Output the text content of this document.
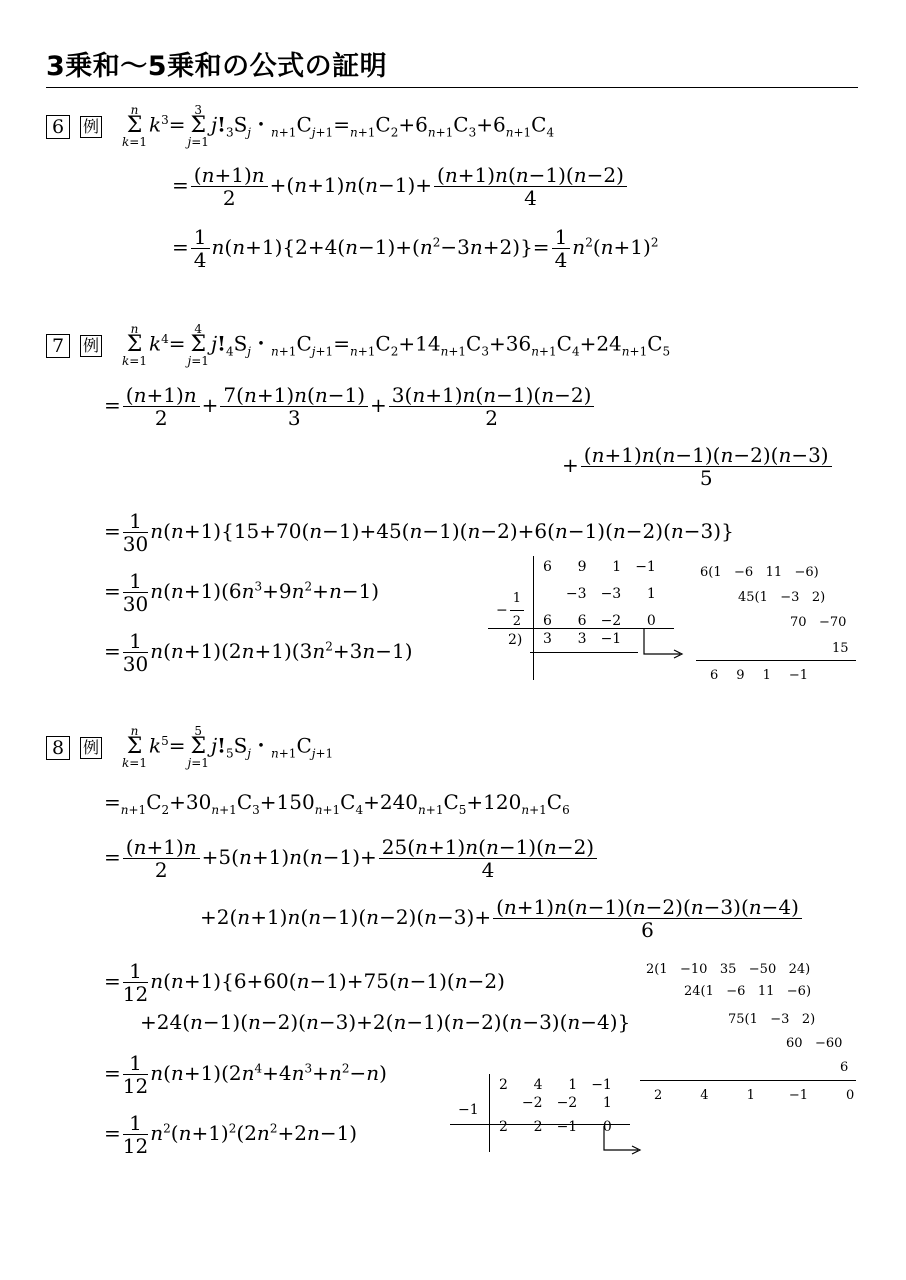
3乗和〜5乗和の公式の証明
6	例
n
Σ
$k=1k^3=3$
Σ
$j=1j!_3S_j$・$_{n+1}C_{j+1}=_{n+1}C_2+6_{n+1}C_3+6_{n+1}C_4$
= $\frac{(n+1)n}{2} +(n+1)n(n-1)+ \frac{(n+1)n(n-1)(n-2)}{4}$
= $\frac{1}{4} n(n+1)\{2+4(n-1)+(n^2-3n+2)\}= \frac{1}{4} n^2(n+1)^2$
7	例
n
Σ
$k=1k^4=4$
Σ
$j=1j!_4S_j$・$_{n+1}C_{j+1}=_{n+1}C_2+14_{n+1}C_3+36_{n+1}C_4+24_{n+1}C_5$
= $\frac{(n+1)n}{2} + \frac{7(n+1)n(n-1)}{3} + \frac{3(n+1)n(n-1)(n-2)}{2}$
+ $\frac{(n+1)n(n-1)(n-2)(n-3)}{5}$
= $\frac{1}{30} n(n+1)\{15+70(n-1)+45(n-1)(n-2)+6(n-1)(n-2)(n-3)\}$
= $\frac{1}{30} n(n+1)(6n^3+9n^2+n-1)$
= $\frac{1}{30} n(n+1)(2n+1)(3n^2+3n-1)$
6	9	1	−1
	−3	−3	1
6	6	−2	0
3	3	−1	
− $\frac{1}{2}$
2)
6(1   −6   11   −6)
45(1   −3   2)
70   −70
15
6	9	1	−1
8	例
n
Σ
$k=1k^5=5$
Σ
$j=1j!_5S_j$・$_{n+1}C_{j+1}$
$=_{n+1}C_2+30_{n+1}C_3+150_{n+1}C_4+240_{n+1}C_5+120_{n+1}C_6$
= $\frac{(n+1)n}{2} +5(n+1)n(n-1)+ \frac{25(n+1)n(n-1)(n-2)}{4}$
$+2(n+1)n(n-1)(n-2)(n-3)+ \frac{(n+1)n(n-1)(n-2)(n-3)(n-4)}{6}$
= $\frac{1}{12} n(n+1)\{6+60(n-1)+75(n-1)(n-2)$
+24(n−1)(n−2)(n−3)+2(n−1)(n−2)(n−3)(n−4)}
= $\frac{1}{12} n(n+1)(2n^4+4n^3+n^2-n)$
= $\frac{1}{12} n^2(n+1)^2(2n^2+2n-1)$
2(1   −10   35   −50   24)
24(1   −6   11   −6)
75(1   −3   2)
60   −60
6
2	4	1	−1	0
2	4	1	−1
	−2	−2	1
2	2	−1	0
−1
